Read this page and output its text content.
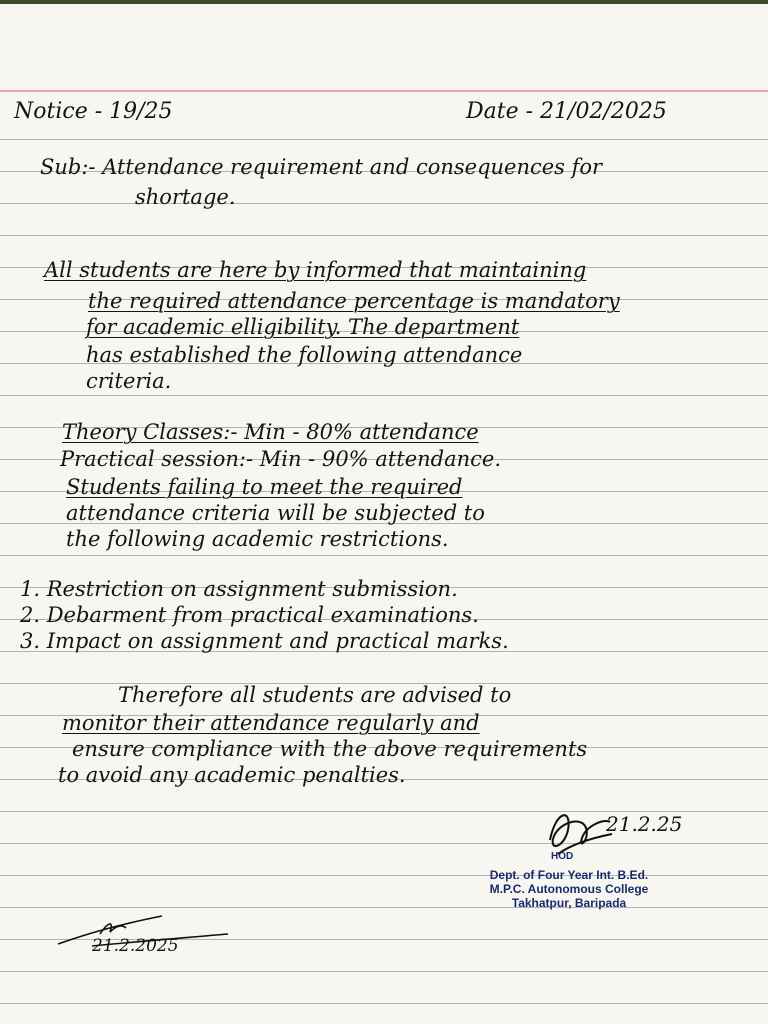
Notice - 19/25	Date - 21/02/2025

Sub:- Attendance requirement and consequences for

shortage.

All students are here by informed that maintaining

the required attendance percentage is mandatory

for academic elligibility. The department

has established the following attendance

criteria.

Theory Classes:- Min - 80% attendance

Practical session:- Min - 90% attendance.

Students failing to meet the required

attendance criteria will be subjected to

the following academic restrictions.

1. Restriction on assignment submission.

2. Debarment from practical examinations.

3. Impact on assignment and practical marks.

Therefore all students are advised to

monitor their attendance regularly and

ensure compliance with the above requirements

to avoid any academic penalties.

21.2.25
HOD
Dept. of Four Year Int. B.Ed.
M.P.C. Autonomous College
Takhatpur, Baripada
21.2.2025
